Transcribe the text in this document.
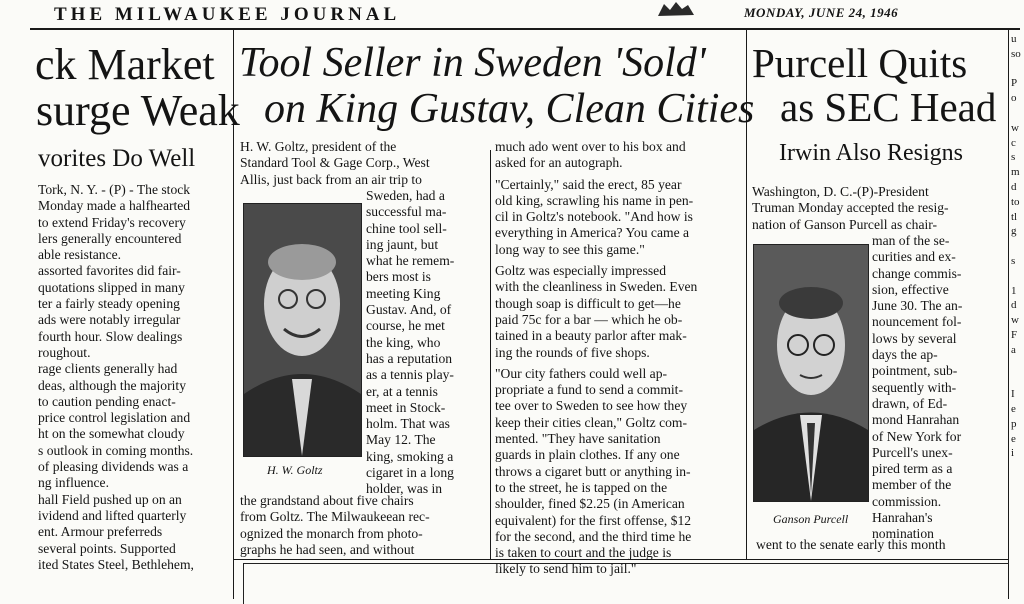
THE MILWAUKEE JOURNAL	MONDAY, JUNE 24, 1946
ck Market
surge Weak
vorites Do Well
Tork, N. Y. - (P) - The stock
Monday made a halfhearted
to extend Friday's recovery
lers generally encountered
able resistance.
assorted favorites did fair-
quotations slipped in many
ter a fairly steady opening
ads were notably irregular
fourth hour. Slow dealings
roughout.
rage clients generally had
deas, although the majority
to caution pending enact-
price control legislation and
ht on the somewhat cloudy
s outlook in coming months.
of pleasing dividends was a
ng influence.
hall Field pushed up on an
ividend and lifted quarterly
ent. Armour preferreds
several points. Supported
ited States Steel, Bethlehem,
Tool Seller in Sweden 'Sold'
on King Gustav, Clean Cities
H. W. Goltz, president of the
Standard Tool & Gage Corp., West
Allis, just back from an air trip to
H. W. Goltz
Sweden, had a
successful ma-
chine tool sell-
ing jaunt, but
what he remem-
bers most is
meeting King
Gustav. And, of
course, he met
the king, who
has a reputation
as a tennis play-
er, at a tennis
meet in Stock-
holm. That was
May 12. The
king, smoking a
cigaret in a long
holder, was in
the grandstand about five chairs
from Goltz. The Milwaukeean rec-
ognized the monarch from photo-
graphs he had seen, and without
much ado went over to his box and
asked for an autograph.
"Certainly," said the erect, 85 year
old king, scrawling his name in pen-
cil in Goltz's notebook. "And how is
everything in America? You came a
long way to see this game."
Goltz was especially impressed
with the cleanliness in Sweden. Even
though soap is difficult to get—he
paid 75c for a bar — which he ob-
tained in a beauty parlor after mak-
ing the rounds of five shops.
"Our city fathers could well ap-
propriate a fund to send a commit-
tee over to Sweden to see how they
keep their cities clean," Goltz com-
mented. "They have sanitation
guards in plain clothes. If any one
throws a cigaret butt or anything in-
to the street, he is tapped on the
shoulder, fined $2.25 (in American
equivalent) for the first offense, $12
for the second, and the third time he
is taken to court and the judge is
likely to send him to jail."
Purcell Quits
as SEC Head
Irwin Also Resigns
Washington, D. C.-(P)-President
Truman Monday accepted the resig-
nation of Ganson Purcell as chair-
Ganson Purcell
man of the se-
curities and ex-
change commis-
sion, effective
June 30. The an-
nouncement fol-
lows by several
days the ap-
pointment, sub-
sequently with-
drawn, of Ed-
mond Hanrahan
of New York for
Purcell's unex-
pired term as a
member of the
commission.
Hanrahan's
nomination
went to the senate early this month
u
so
P
o
w
c
s
m
d
to
tl
g
s
1
d
w
F
a
I
e
p
e
i
